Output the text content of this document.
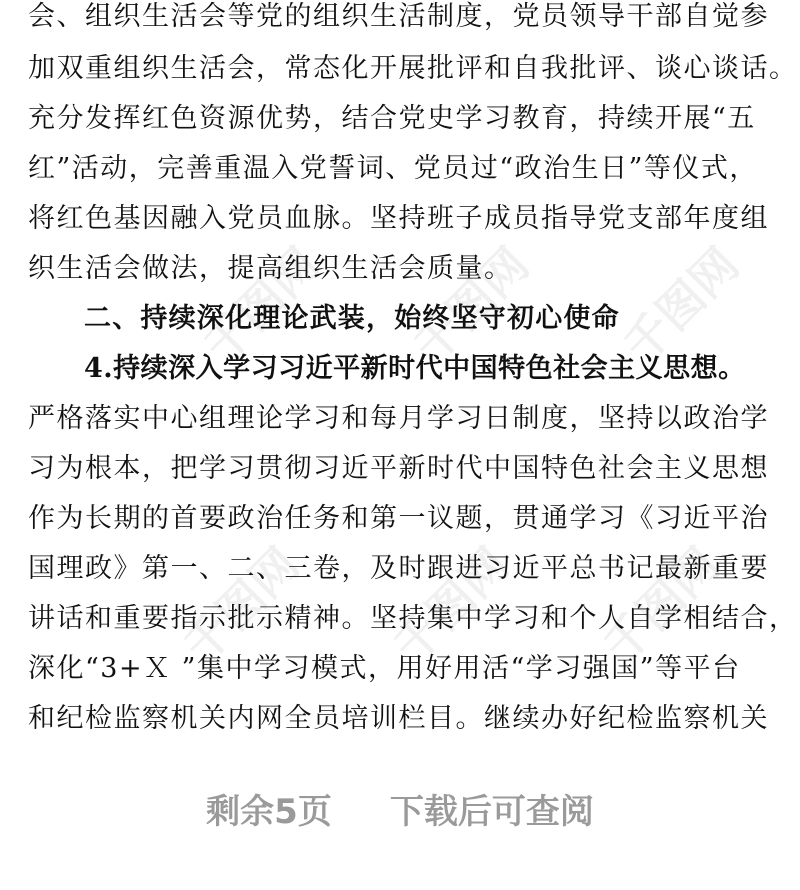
千图网 千图网 千图网
千图网 千图网 千图网
会、组织生活会等党的组织生活制度，党员领导干部自觉参
加双重组织生活会，常态化开展批评和自我批评、谈心谈话。
充分发挥红色资源优势，结合党史学习教育，持续开展“五
红”活动，完善重温入党誓词、党员过“政治生日”等仪式，
将红色基因融入党员血脉。坚持班子成员指导党支部年度组
织生活会做法，提高组织生活会质量。
二、持续深化理论武装，始终坚守初心使命
4.持续深入学习习近平新时代中国特色社会主义思想。
严格落实中心组理论学习和每月学习日制度，坚持以政治学
习为根本，把学习贯彻习近平新时代中国特色社会主义思想
作为长期的首要政治任务和第一议题，贯通学习《习近平治
国理政》第一、二、三卷，及时跟进习近平总书记最新重要
讲话和重要指示批示精神。坚持集中学习和个人自学相结合，
深化“3+Ｘ ”集中学习模式，用好用活“学习强国”等平台
和纪检监察机关内网全员培训栏目。继续办好纪检监察机关
剩余5页 下载后可查阅
